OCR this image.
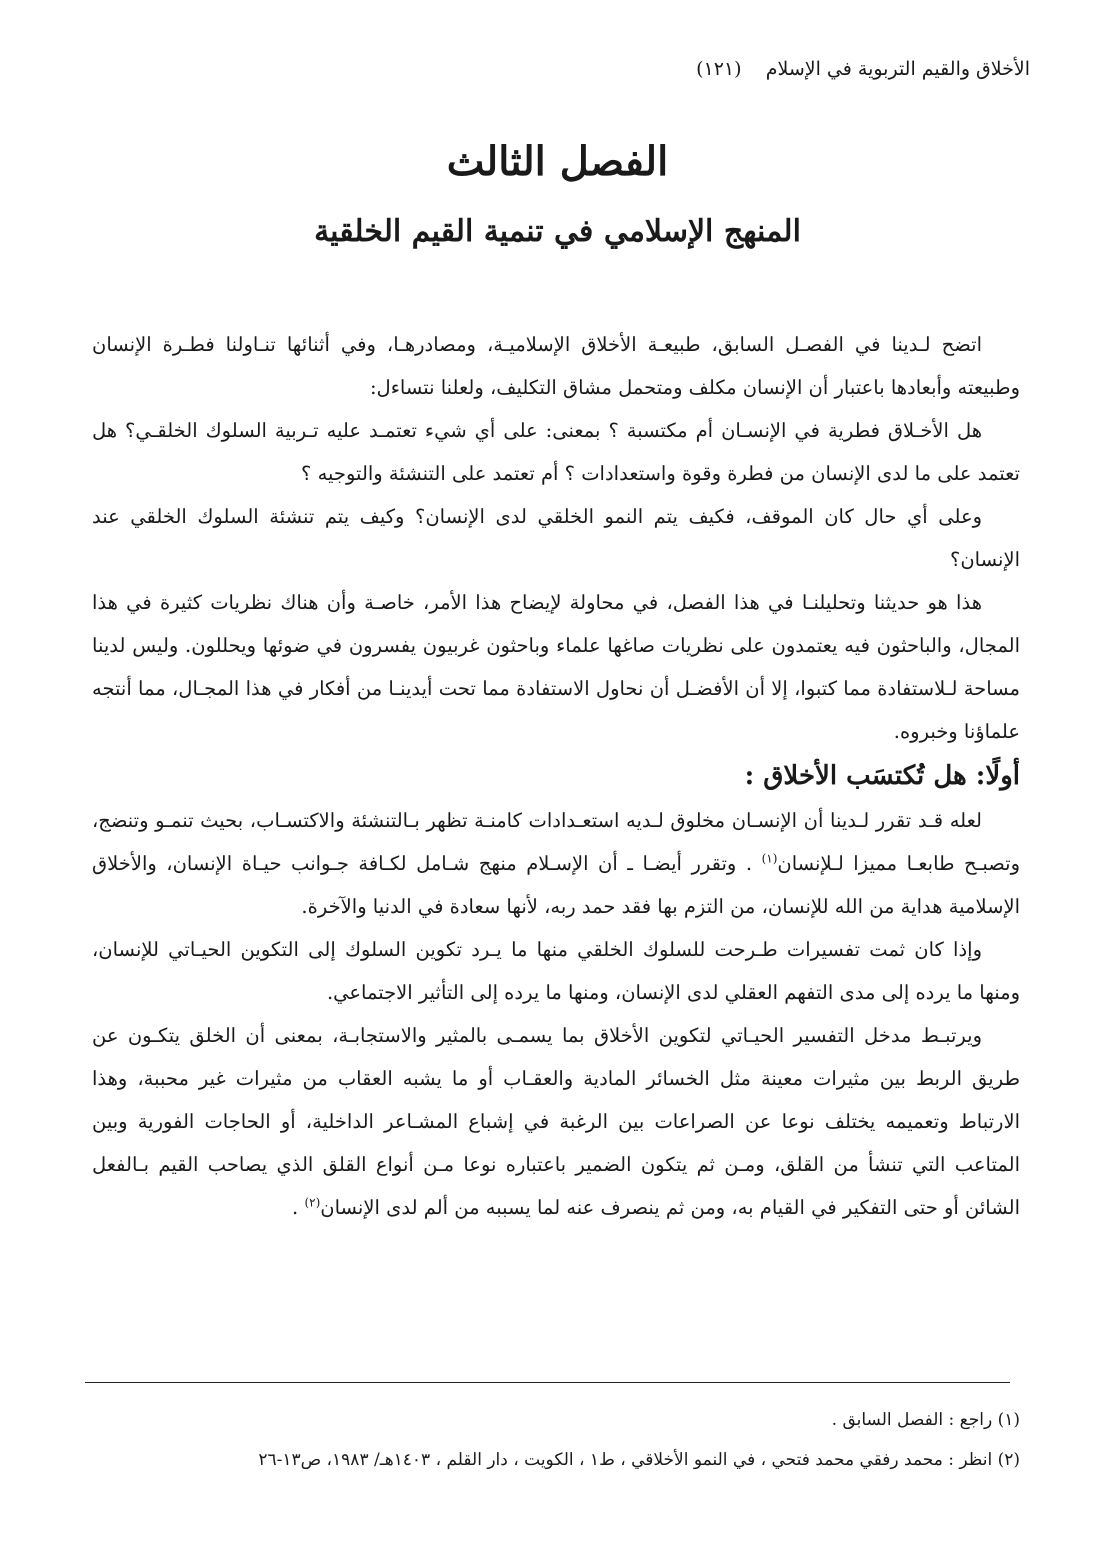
الأخلاق والقيم التربوية في الإسلام    (١٢١)
الفصل الثالث
المنهج الإسلامي في تنمية القيم الخلقية

اتضح لـدينا في الفصـل السابق، طبيعـة الأخلاق الإسلاميـة، ومصادرهـا، وفي أثنائها تنـاولنا فطـرة الإنسان وطبيعته وأبعادها باعتبار أن الإنسان مكلف ومتحمل مشاق التكليف، ولعلنا نتساءل:

هل الأخـلاق فطرية في الإنسـان أم مكتسبة ؟ بمعنى: على أي شيء تعتمـد عليه تـربية السلوك الخلقـي؟ هل تعتمد على ما لدى الإنسان من فطرة وقوة واستعدادات ؟ أم تعتمد على التنشئة والتوجيه ؟

وعلى أي حال كان الموقف، فكيف يتم النمو الخلقي لدى الإنسان؟ وكيف يتم تنشئة السلوك الخلقي عند الإنسان؟

هذا هو حديثنا وتحليلنـا في هذا الفصل، في محاولة لإيضاح هذا الأمر، خاصـة وأن هناك نظريات كثيرة في هذا المجال، والباحثون فيه يعتمدون على نظريات صاغها علماء وباحثون غربيون يفسرون في ضوئها ويحللون. وليس لدينا مساحة لـلاستفادة مما كتبوا، إلا أن الأفضـل أن نحاول الاستفادة مما تحت أيدينـا من أفكار في هذا المجـال، مما أنتجه علماؤنا وخبروه.

أولًا: هل تُكتسَب الأخلاق :

لعله قـد تقرر لـدينا أن الإنسـان مخلوق لـديه استعـدادات كامنـة تظهر بـالتنشئة والاكتسـاب، بحيث تنمـو وتنضج، وتصبـح طابعـا مميزا لـلإنسان$^{(١)}$ . وتقرر أيضـا ـ أن الإسـلام منهج شـامل لكـافة جـوانب حيـاة الإنسان، والأخلاق الإسلامية هداية من الله للإنسان، من التزم بها فقد حمد ربه، لأنها سعادة في الدنيا والآخرة.

وإذا كان ثمت تفسيرات طـرحت للسلوك الخلقي منها ما يـرد تكوين السلوك إلى التكوين الحيـاتي للإنسان، ومنها ما يرده إلى مدى التفهم العقلي لدى الإنسان، ومنها ما يرده إلى التأثير الاجتماعي.

ويرتبـط مدخل التفسير الحيـاتي لتكوين الأخلاق بما يسمـى بالمثير والاستجابـة، بمعنى أن الخلق يتكـون عن طريق الربط بين مثيرات معينة مثل الخسائر المادية والعقـاب أو ما يشبه العقاب من مثيرات غير محببة، وهذا الارتباط وتعميمه يختلف نوعا عن الصراعات بين الرغبة في إشباع المشـاعر الداخلية، أو الحاجات الفورية وبين المتاعب التي تنشأ من القلق، ومـن ثم يتكون الضمير باعتباره نوعا مـن أنواع القلق الذي يصاحب القيم بـالفعل الشائن أو حتى التفكير في القيام به، ومن ثم ينصرف عنه لما يسببه من ألم لدى الإنسان$^{(٢)}$ .

(١) راجع : الفصل السابق .

(٢) انظر : محمد رفقي محمد فتحي ، في النمو الأخلاقي ، ط١ ، الكويت ، دار القلم ، ١٤٠٣هـ/ ١٩٨٣، ص١٣-٢٦
